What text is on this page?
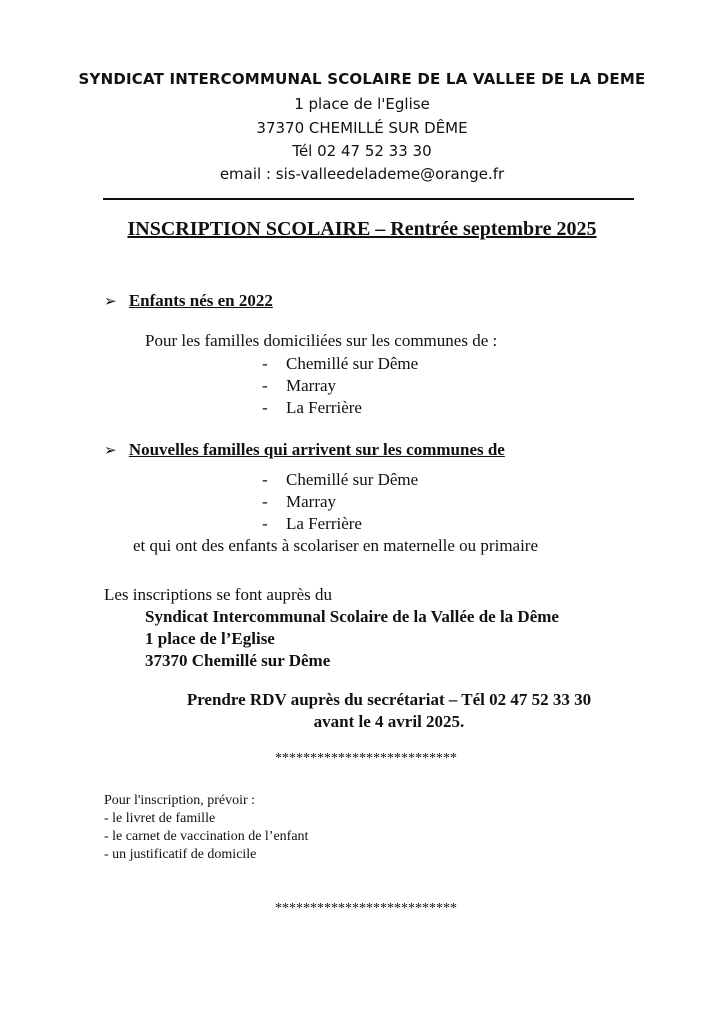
SYNDICAT INTERCOMMUNAL SCOLAIRE DE LA VALLEE DE LA DEME
1 place de l'Eglise
37370 CHEMILLÉ SUR DÊME
Tél 02 47 52 33 30
email : sis-valleedelademe@orange.fr
INSCRIPTION SCOLAIRE – Rentrée septembre 2025
➢ Enfants nés en 2022
Pour les familles domiciliées sur les communes de :
- Chemillé sur Dême
- Marray
- La Ferrière
➢ Nouvelles familles qui arrivent sur les communes de
- Chemillé sur Dême
- Marray
- La Ferrière
et qui ont des enfants à scolariser en maternelle ou primaire
Les inscriptions se font auprès du
Syndicat Intercommunal Scolaire de la Vallée de la Dême
1 place de l’Eglise
37370 Chemillé sur Dême
Prendre RDV auprès du secrétariat – Tél 02 47 52 33 30
avant le 4 avril 2025.
**************************
Pour l'inscription, prévoir :
- le livret de famille
- le carnet de vaccination de l’enfant
- un justificatif de domicile
**************************
